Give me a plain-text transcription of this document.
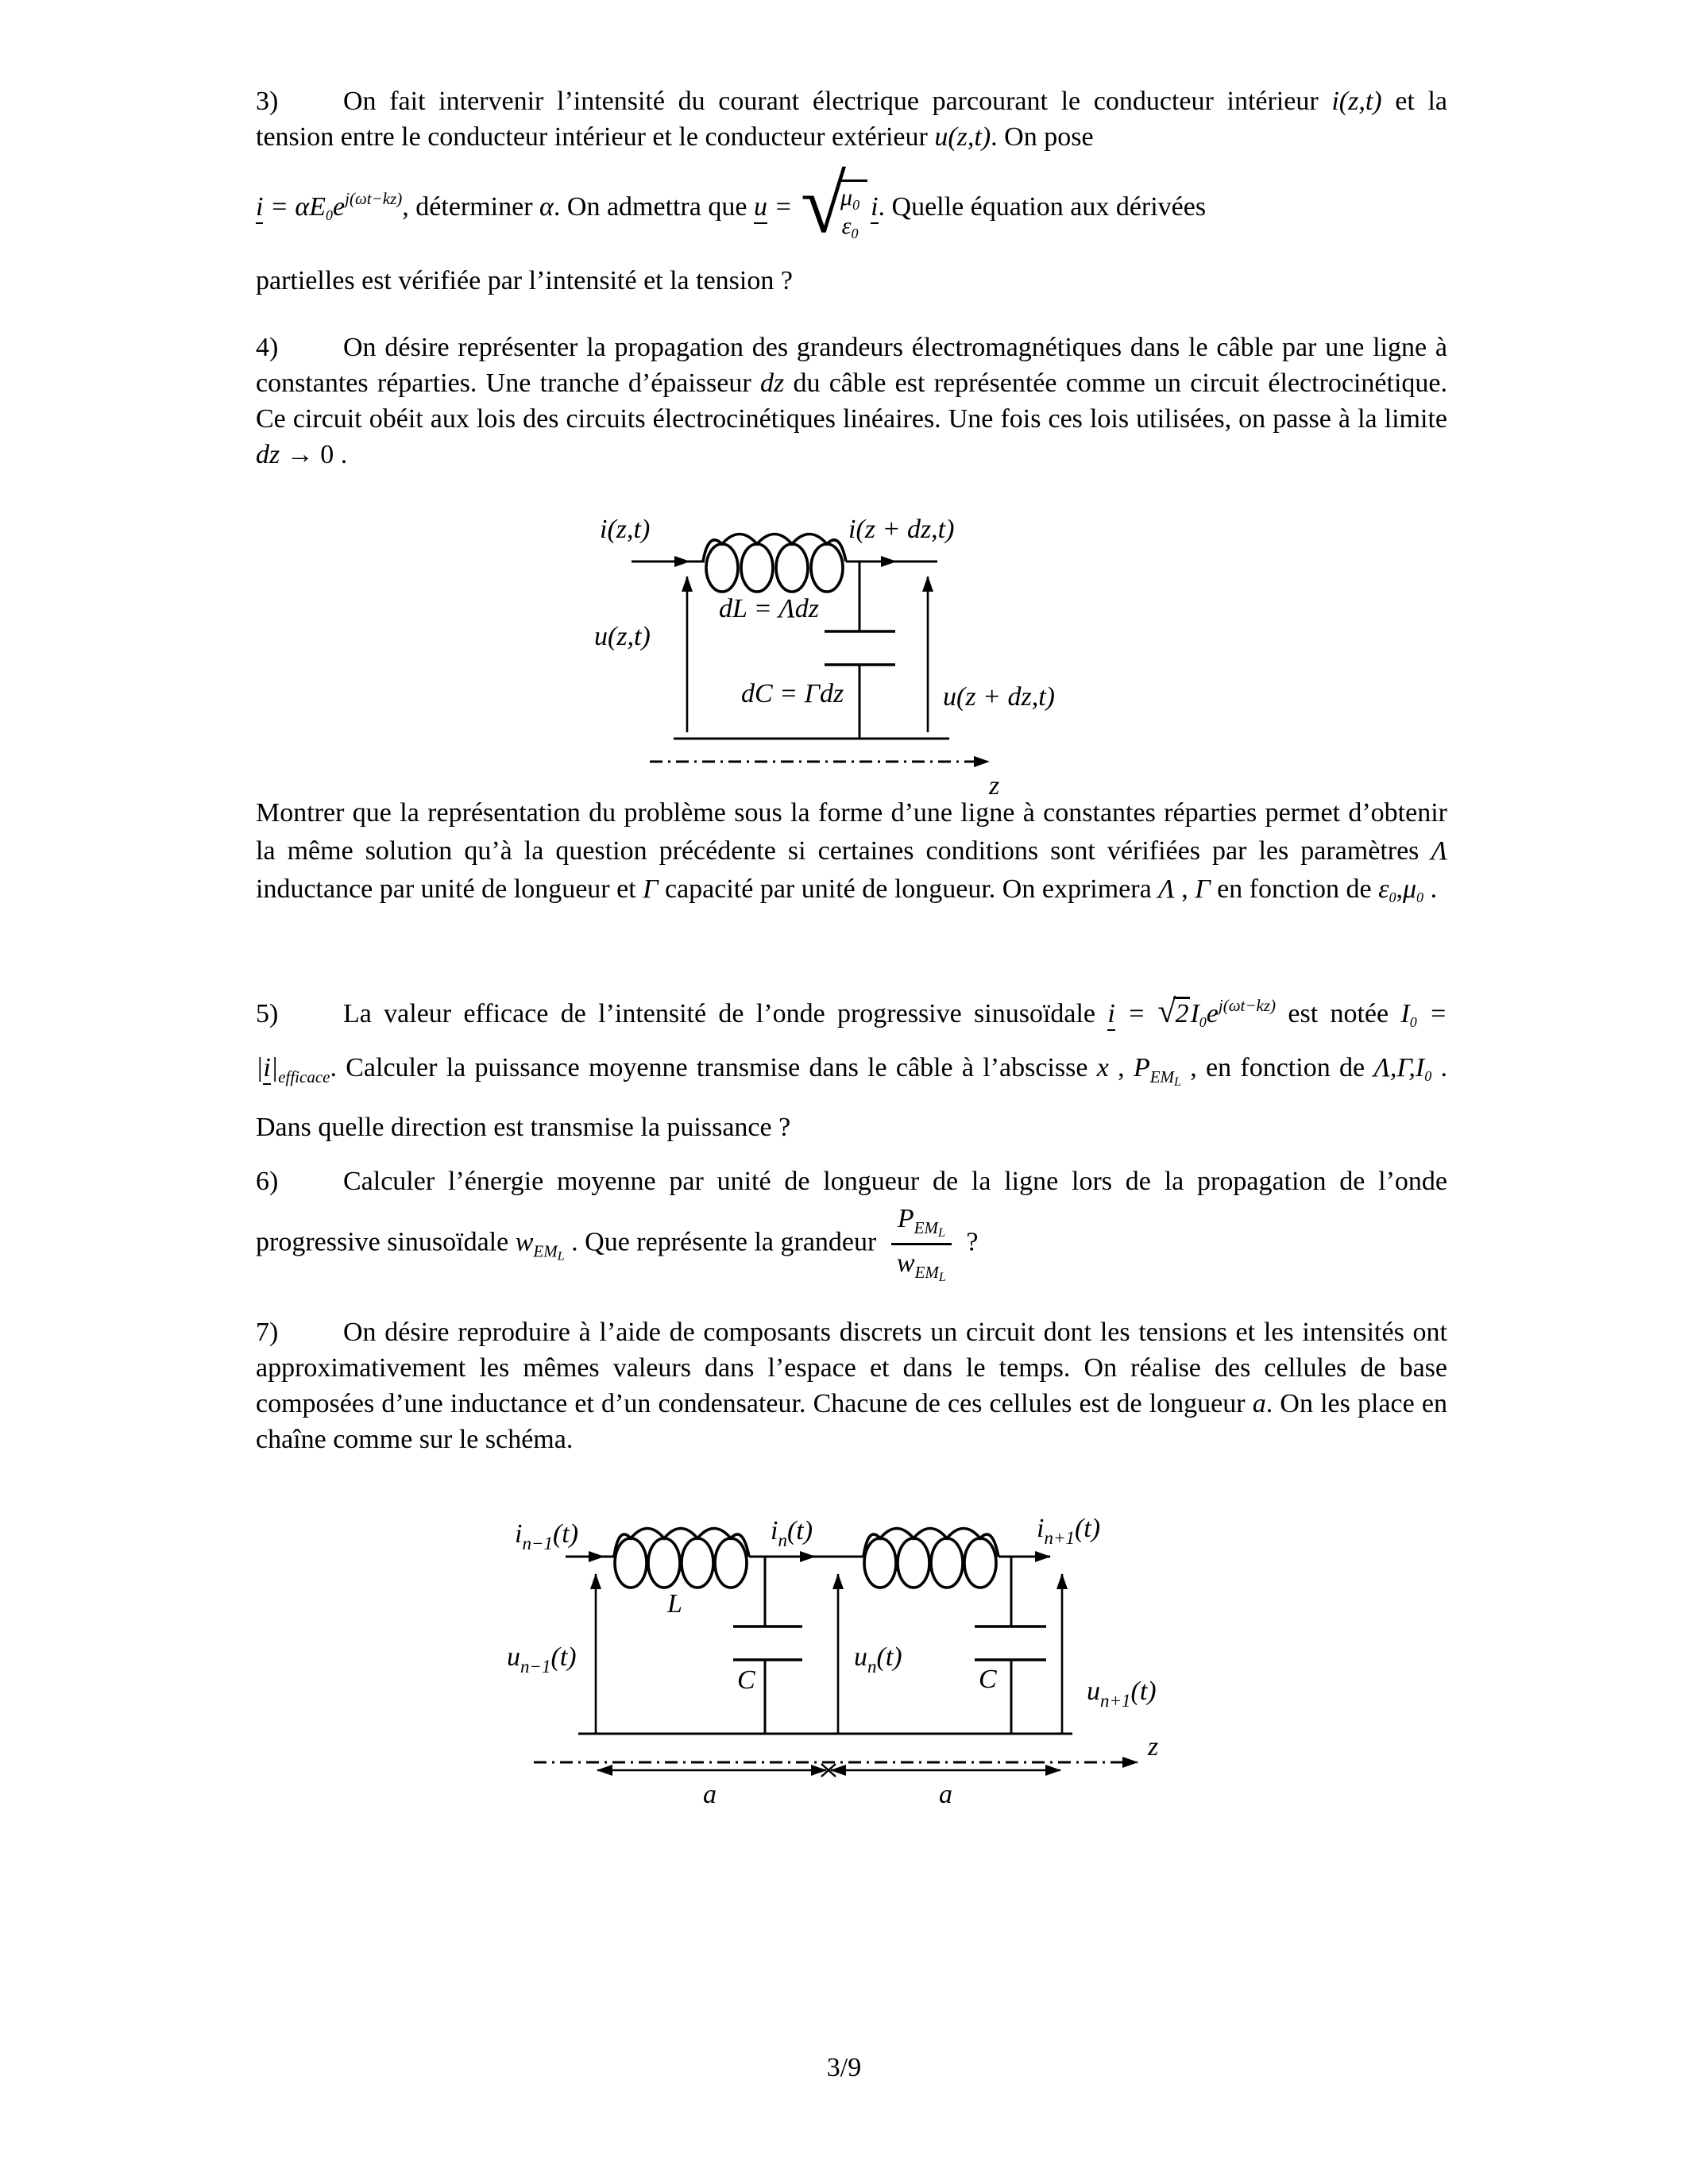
3) On fait intervenir l’intensité du courant électrique parcourant le conducteur intérieur i(z,t) et la tension entre le conducteur intérieur et le conducteur extérieur u(z,t). On pose
$i = \alpha E0e^{j(\omega t-kz)}$, déterminer α. On admettra que u = √
$\mu_0$
$\varepsilon_0$
i. Quelle équation aux dérivées
partielles est vérifiée par l’intensité et la tension ?
4) On désire représenter la propagation des grandeurs électromagnétiques dans le câble par une ligne à constantes réparties. Une tranche d’épaisseur dz du câble est représentée comme un circuit électrocinétique. Ce circuit obéit aux lois des circuits électrocinétiques linéaires. Une fois ces lois utilisées, on passe à la limite dz → 0 .
i(z,t)	i(z + dz,t)
dL = Λdz
u(z,t)
dC = Γdz	u(z + dz,t)
z
Montrer que la représentation du problème sous la forme d’une ligne à constantes réparties permet d’obtenir la même solution qu’à la question précédente si certaines conditions sont vérifiées par les paramètres Λ inductance par unité de longueur et Γ capacité par unité de longueur. On exprimera Λ , Γ en fonction de ε0,μ0 .
5) La valeur efficace de l’intensité de l’onde progressive sinusoïdale $i = √2I0e^{j(\omega t-kz)}$ est notée $I0 = |i|_{efficace}$. Calculer la puissance moyenne transmise dans le câble à l’abscisse x , $P_{EML}$ , en fonction de Λ,Γ,I0 . Dans quelle direction est transmise la puissance ?
6) Calculer l’énergie moyenne par unité de longueur de la ligne lors de la propagation de l’onde progressive sinusoïdale $w_{EML}$ . Que représente la grandeur
$P_{EML}$
$w_{EML}$
?
7) On désire reproduire à l’aide de composants discrets un circuit dont les tensions et les intensités ont approximativement les mêmes valeurs dans l’espace et dans le temps. On réalise des cellules de base composées d’une inductance et d’un condensateur. Chacune de ces cellules est de longueur a. On les place en chaîne comme sur le schéma.
$i_{n-1}(t)$	$i_n(t)$	$i_{n+1}(t)$
L
C	C
$u_{n-1}(t)$	$u_n(t)$
$u_{n+1}(t)$
z
a	a
3/9
